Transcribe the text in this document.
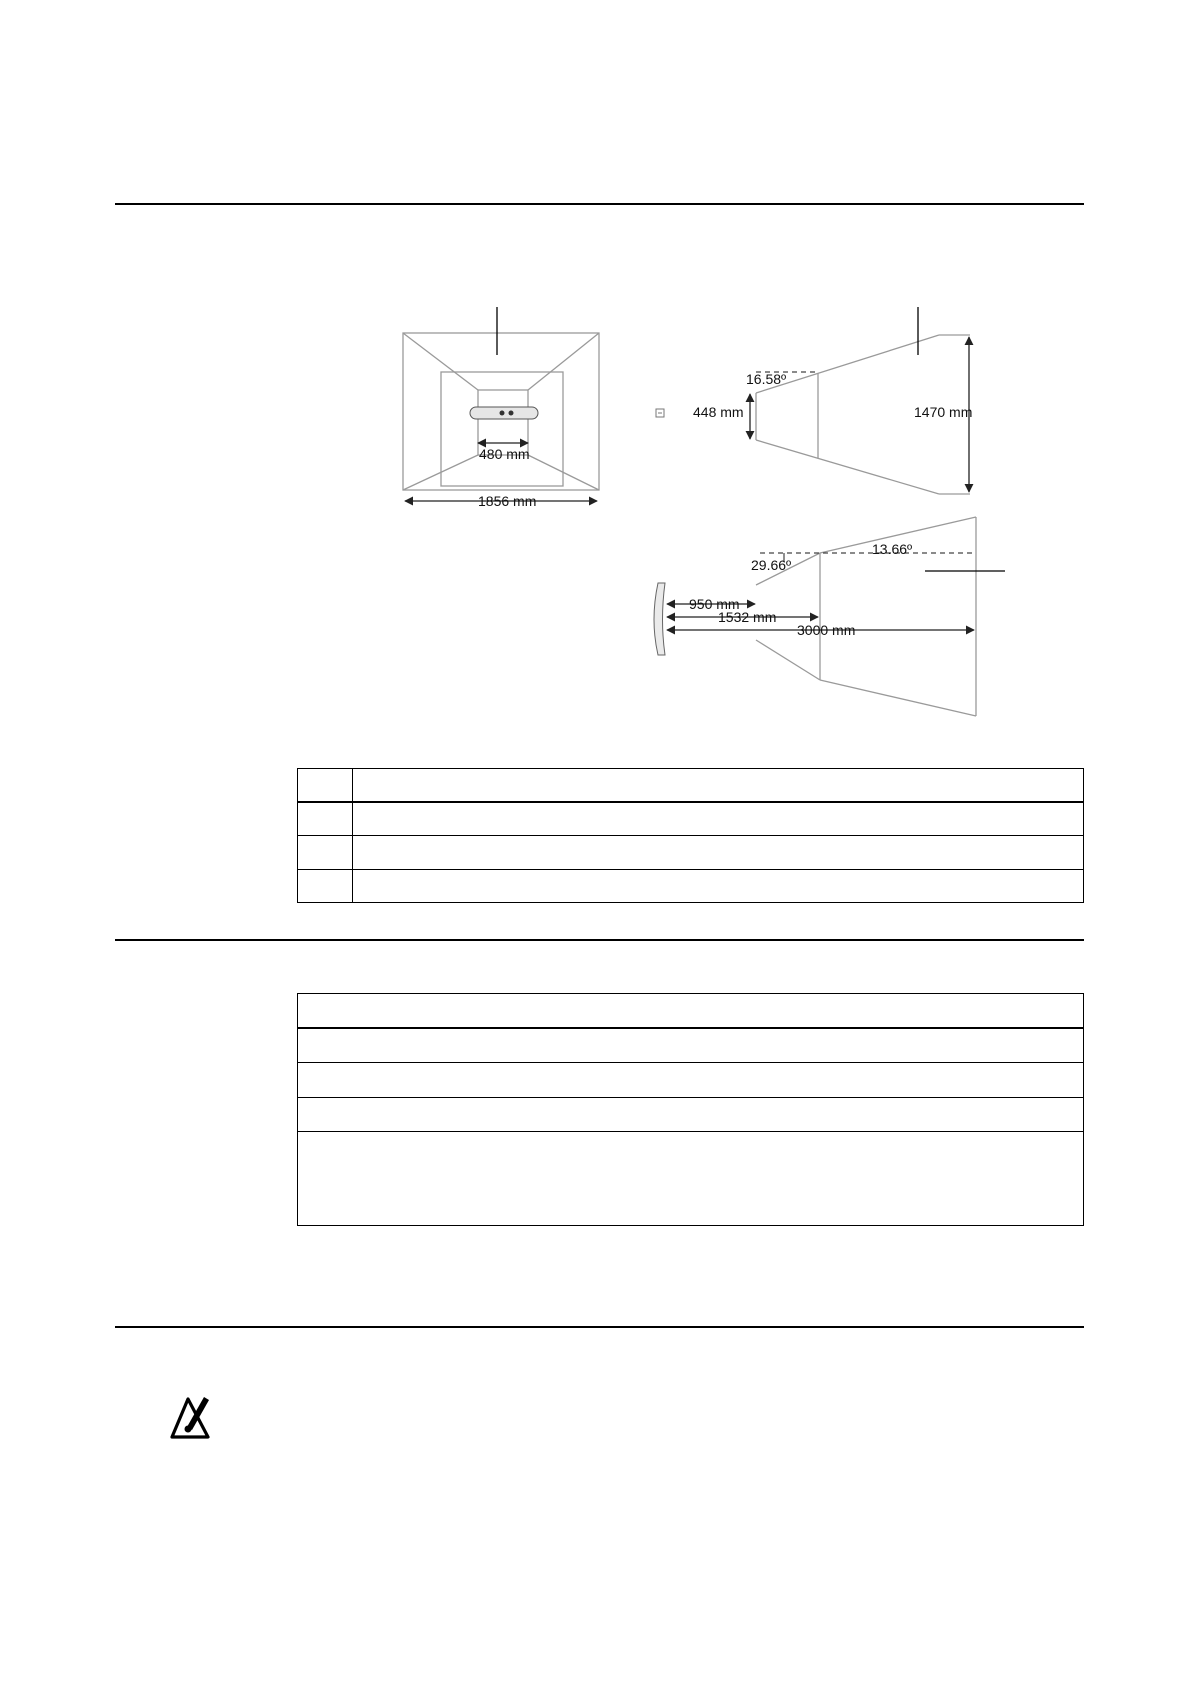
480 mm
1856 mm
16.58º
448 mm	1470 mm
13.66º
29.66º
950 mm
1532 mm
3000 mm
